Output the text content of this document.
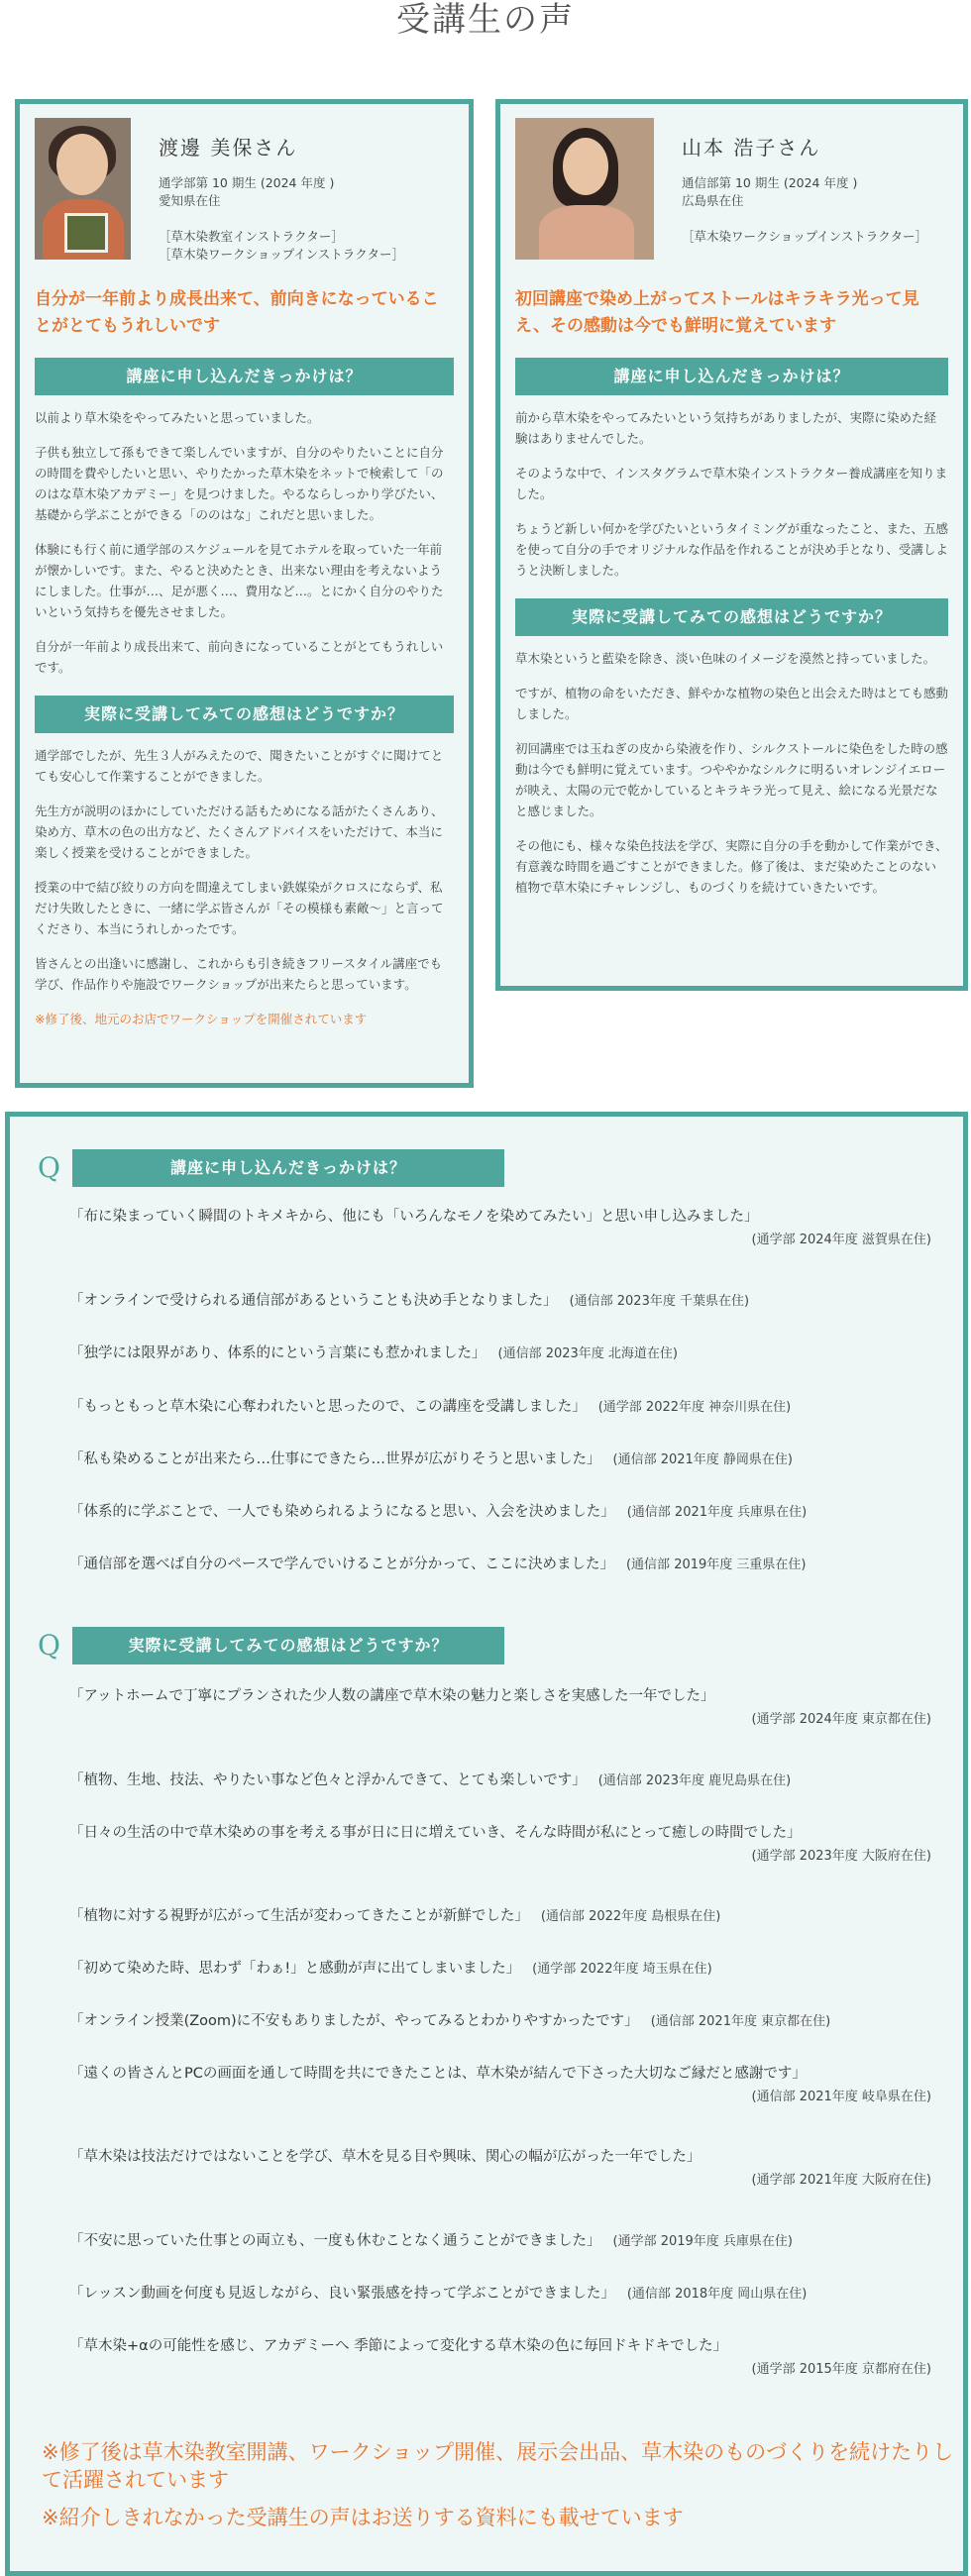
受講生の声
渡邊 美保さん
通学部第 10 期生 (2024 年度 )
愛知県在住
［草木染教室インストラクター］
［草木染ワークショップインストラクター］
自分が一年前より成長出来て、前向きになっていることがとてもうれしいです
講座に申し込んだきっかけは？

以前より草木染をやってみたいと思っていました。

子供も独立して孫もできて楽しんでいますが、自分のやりたいことに自分の時間を費やしたいと思い、やりたかった草木染をネットで検索して「ののはな草木染アカデミー」を見つけました。やるならしっかり学びたい、基礎から学ぶことができる「ののはな」これだと思いました。

体験にも行く前に通学部のスケジュールを見てホテルを取っていた一年前が懐かしいです。また、やると決めたとき、出来ない理由を考えないようにしました。仕事が…、足が悪く…、費用など…。とにかく自分のやりたいという気持ちを優先させました。

自分が一年前より成長出来て、前向きになっていることがとてもうれしいです。

実際に受講してみての感想はどうですか？

通学部でしたが、先生３人がみえたので、聞きたいことがすぐに聞けてとても安心して作業することができました。

先生方が説明のほかにしていただける話もためになる話がたくさんあり、染め方、草木の色の出方など、たくさんアドバイスをいただけて、本当に楽しく授業を受けることができました。

授業の中で結び絞りの方向を間違えてしまい鉄媒染がクロスにならず、私だけ失敗したときに、一緒に学ぶ皆さんが「その模様も素敵〜」と言ってくださり、本当にうれしかったです。

皆さんとの出逢いに感謝し、これからも引き続きフリースタイル講座でも学び、作品作りや施設でワークショップが出来たらと思っています。

※修了後、地元のお店でワークショップを開催されています

山本 浩子さん
通信部第 10 期生 (2024 年度 )
広島県在住
［草木染ワークショップインストラクター］
初回講座で染め上がってストールはキラキラ光って見え、その感動は今でも鮮明に覚えています
講座に申し込んだきっかけは？

前から草木染をやってみたいという気持ちがありましたが、実際に染めた経験はありませんでした。

そのような中で、インスタグラムで草木染インストラクター養成講座を知りました。

ちょうど新しい何かを学びたいというタイミングが重なったこと、また、五感を使って自分の手でオリジナルな作品を作れることが決め手となり、受講しようと決断しました。

実際に受講してみての感想はどうですか？

草木染というと藍染を除き、淡い色味のイメージを漠然と持っていました。

ですが、植物の命をいただき、鮮やかな植物の染色と出会えた時はとても感動しました。

初回講座では玉ねぎの皮から染液を作り、シルクストールに染色をした時の感動は今でも鮮明に覚えています。つややかなシルクに明るいオレンジイエローが映え、太陽の元で乾かしているとキラキラ光って見え、絵になる光景だなと感じました。

その他にも、様々な染色技法を学び、実際に自分の手を動かして作業ができ、有意義な時間を過ごすことができました。修了後は、まだ染めたことのない植物で草木染にチャレンジし、ものづくりを続けていきたいです。

Q	講座に申し込んだきっかけは？
「布に染まっていく瞬間のトキメキから、他にも「いろんなモノを染めてみたい」と思い申し込みました」
(通学部 2024年度 滋賀県在住)
「オンラインで受けられる通信部があるということも決め手となりました」 (通信部 2023年度 千葉県在住)
「独学には限界があり、体系的にという言葉にも惹かれました」 (通信部 2023年度 北海道在住)
「もっともっと草木染に心奪われたいと思ったので、この講座を受講しました」 (通学部 2022年度 神奈川県在住)
「私も染めることが出来たら…仕事にできたら…世界が広がりそうと思いました」 (通信部 2021年度 静岡県在住)
「体系的に学ぶことで、一人でも染められるようになると思い、入会を決めました」 (通信部 2021年度 兵庫県在住)
「通信部を選べば自分のペースで学んでいけることが分かって、ここに決めました」 (通信部 2019年度 三重県在住)
Q	実際に受講してみての感想はどうですか？
「アットホームで丁寧にプランされた少人数の講座で草木染の魅力と楽しさを実感した一年でした」
(通学部 2024年度 東京都在住)
「植物、生地、技法、やりたい事など色々と浮かんできて、とても楽しいです」 (通信部 2023年度 鹿児島県在住)
「日々の生活の中で草木染めの事を考える事が日に日に増えていき、そんな時間が私にとって癒しの時間でした」
(通学部 2023年度 大阪府在住)
「植物に対する視野が広がって生活が変わってきたことが新鮮でした」 (通信部 2022年度 島根県在住)
「初めて染めた時、思わず「わぁ!」と感動が声に出てしまいました」 (通学部 2022年度 埼玉県在住)
「オンライン授業(Zoom)に不安もありましたが、やってみるとわかりやすかったです」 (通信部 2021年度 東京都在住)
「遠くの皆さんとPCの画面を通して時間を共にできたことは、草木染が結んで下さった大切なご縁だと感謝です」
(通信部 2021年度 岐阜県在住)
「草木染は技法だけではないことを学び、草木を見る目や興味、関心の幅が広がった一年でした」
(通学部 2021年度 大阪府在住)
「不安に思っていた仕事との両立も、一度も休むことなく通うことができました」 (通学部 2019年度 兵庫県在住)
「レッスン動画を何度も見返しながら、良い緊張感を持って学ぶことができました」 (通信部 2018年度 岡山県在住)
「草木染+αの可能性を感じ、アカデミーへ 季節によって変化する草木染の色に毎回ドキドキでした」
(通学部 2015年度 京都府在住)
※修了後は草木染教室開講、ワークショップ開催、展示会出品、草木染のものづくりを続けたりして活躍されています
※紹介しきれなかった受講生の声はお送りする資料にも載せています
